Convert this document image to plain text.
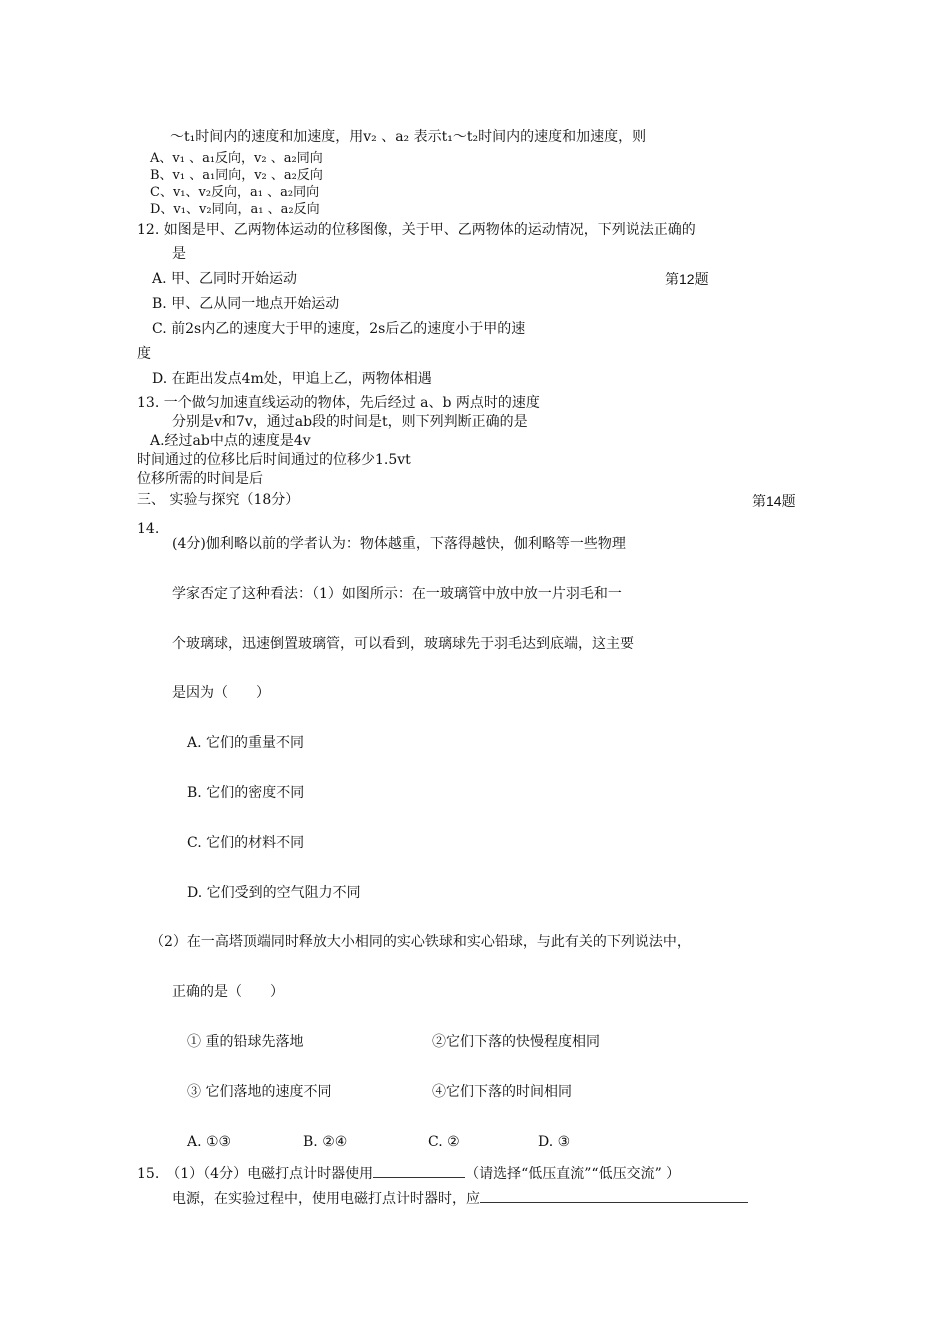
～t₁时间内的速度和加速度，用v₂ 、a₂ 表示t₁～t₂时间内的速度和加速度，则
A、v₁ 、a₁反向，v₂ 、a₂同向
B、v₁ 、a₁同向，v₂ 、a₂反向
C、v₁、v₂反向，a₁ 、a₂同向
D、v₁、v₂同向，a₁ 、a₂反向
12. 如图是甲、乙两物体运动的位移图像，关于甲、乙两物体的运动情况，下列说法正确的
是
A. 甲、乙同时开始运动	第12题
B. 甲、乙从同一地点开始运动
C. 前2s内乙的速度大于甲的速度，2s后乙的速度小于甲的速
度
D. 在距出发点4m处，甲追上乙，两物体相遇
13. 一个做匀加速直线运动的物体，先后经过 a、b 两点时的速度
分别是v和7v，通过ab段的时间是t，则下列判断正确的是
A.经过ab中点的速度是4v
时间通过的位移比后时间通过的位移少1.5vt
位移所需的时间是后
三、 实验与探究（18分）	第14题
14.
(4分)伽利略以前的学者认为：物体越重，下落得越快，伽利略等一些物理
学家否定了这种看法：（1）如图所示：在一玻璃管中放中放一片羽毛和一
个玻璃球，迅速倒置玻璃管，可以看到，玻璃球先于羽毛达到底端，这主要
是因为（　　）
A. 它们的重量不同
B. 它们的密度不同
C. 它们的材料不同
D. 它们受到的空气阻力不同
（2）在一高塔顶端同时释放大小相同的实心铁球和实心铅球，与此有关的下列说法中，
正确的是（　　）
① 重的铅球先落地	②它们下落的快慢程度相同
③ 它们落地的速度不同	④它们下落的时间相同
A. ①③	B. ②④	C. ②	D. ③
15.　（1）（4分）电磁打点计时器使用	（请选择“低压直流”“低压交流” ）
电源，在实验过程中，使用电磁打点计时器时，应
